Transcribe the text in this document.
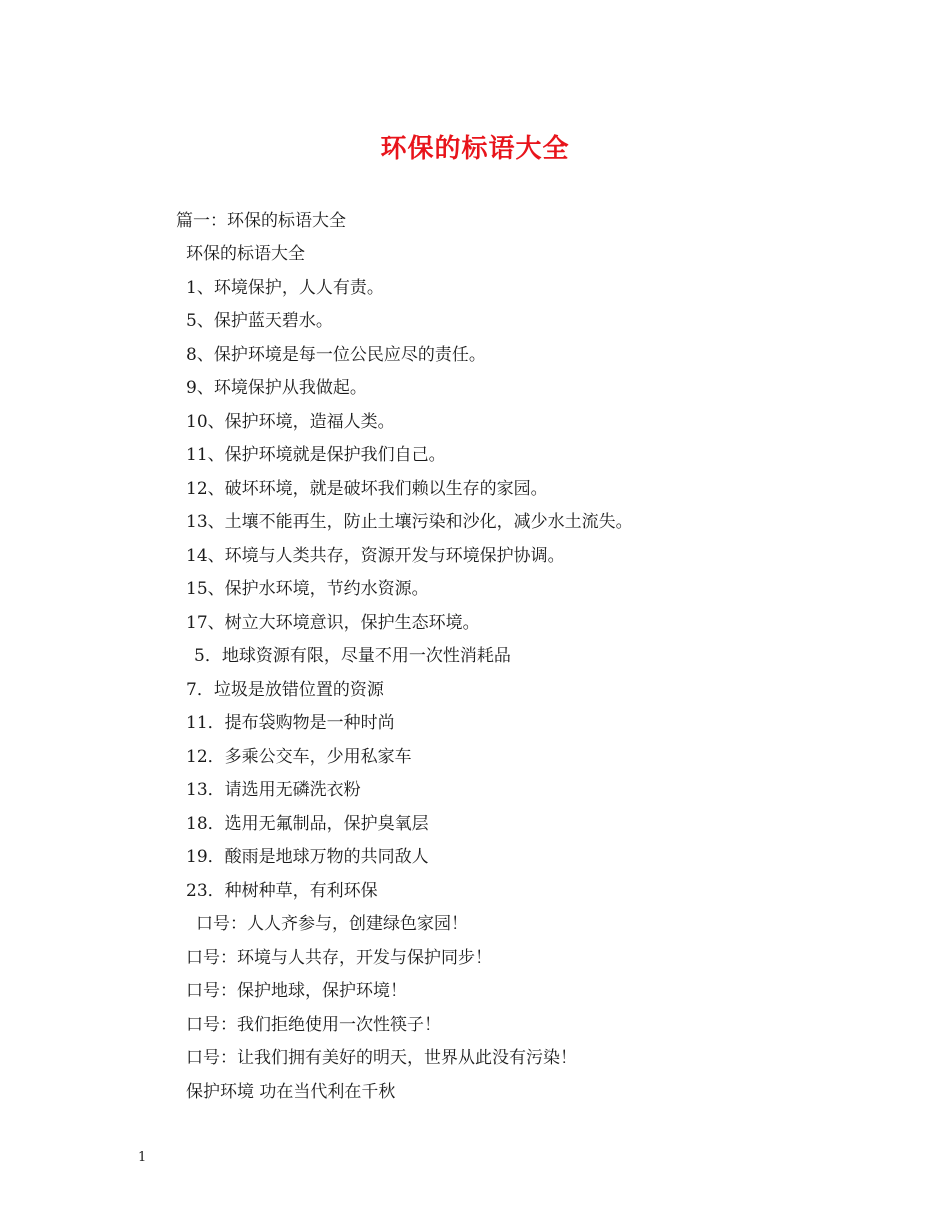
环保的标语大全
篇一：环保的标语大全
环保的标语大全
1、环境保护，人人有责。
5、保护蓝天碧水。
8、保护环境是每一位公民应尽的责任。
9、环境保护从我做起。
10、保护环境，造福人类。
11、保护环境就是保护我们自己。
12、破坏环境，就是破坏我们赖以生存的家园。
13、土壤不能再生，防止土壤污染和沙化，减少水土流失。
14、环境与人类共存，资源开发与环境保护协调。
15、保护水环境，节约水资源。
17、树立大环境意识，保护生态环境。
5．地球资源有限，尽量不用一次性消耗品
7．垃圾是放错位置的资源
11．提布袋购物是一种时尚
12．多乘公交车，少用私家车
13．请选用无磷洗衣粉
18．选用无氟制品，保护臭氧层
19．酸雨是地球万物的共同敌人
23．种树种草，有利环保
口号：人人齐参与，创建绿色家园！
口号：环境与人共存，开发与保护同步！
口号：保护地球，保护环境！
口号：我们拒绝使用一次性筷子！
口号：让我们拥有美好的明天，世界从此没有污染！
保护环境 功在当代利在千秋
1
